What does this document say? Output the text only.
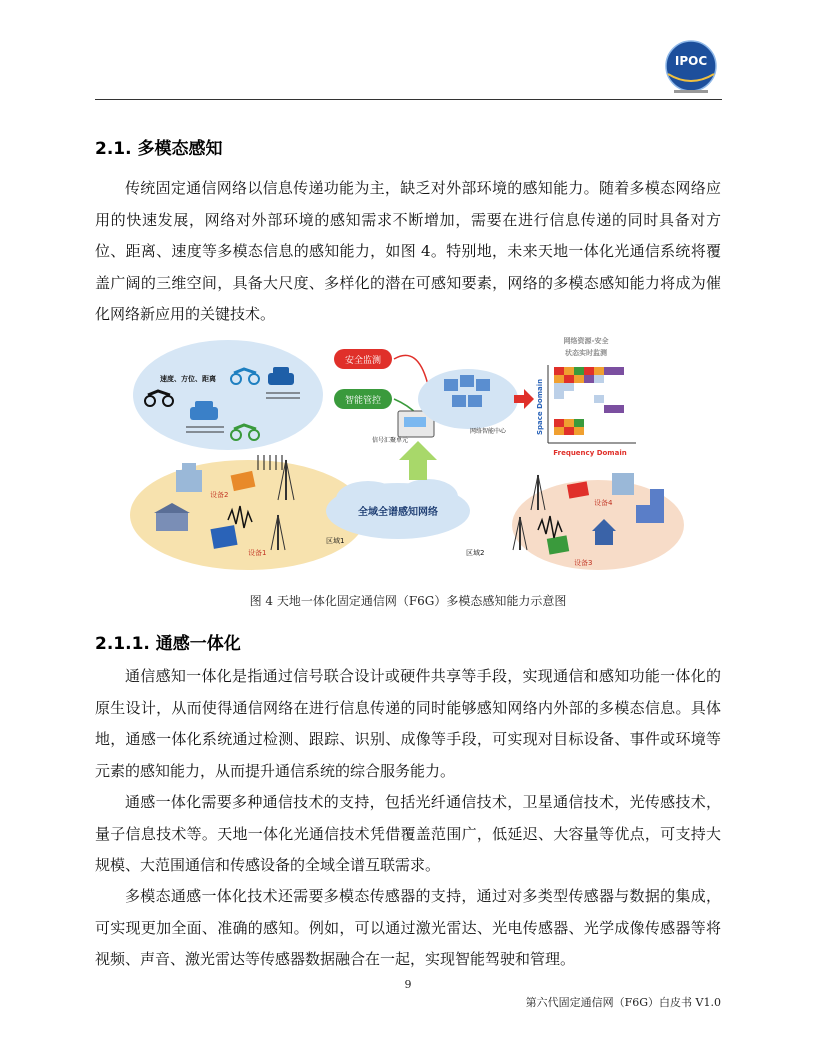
IPOC
2.1. 多模态感知

传统固定通信网络以信息传递功能为主，缺乏对外部环境的感知能力。随着多模态网络应用的快速发展，网络对外部环境的感知需求不断增加，需要在进行信息传递的同时具备对方位、距离、速度等多模态信息的感知能力，如图 4。特别地，未来天地一体化光通信系统将覆盖广阔的三维空间，具备大尺度、多样化的潜在可感知要素，网络的多模态感知能力将成为催化网络新应用的关键技术。

速度、方位、距离
设备2
设备1
区域1
全域全谱感知网络
安全监测
智能管控
信号汇聚单元
网络智能中心
网络资源-安全
状态实时监测
Space Domain
Frequency Domain
设备4
设备3
区域2

图 4 天地一体化固定通信网（F6G）多模态感知能力示意图

2.1.1. 通感一体化

通信感知一体化是指通过信号联合设计或硬件共享等手段，实现通信和感知功能一体化的原生设计，从而使得通信网络在进行信息传递的同时能够感知网络内外部的多模态信息。具体地，通感一体化系统通过检测、跟踪、识别、成像等手段，可实现对目标设备、事件或环境等元素的感知能力，从而提升通信系统的综合服务能力。

通感一体化需要多种通信技术的支持，包括光纤通信技术，卫星通信技术，光传感技术，量子信息技术等。天地一体化光通信技术凭借覆盖范围广，低延迟、大容量等优点，可支持大规模、大范围通信和传感设备的全域全谱互联需求。

多模态通感一体化技术还需要多模态传感器的支持，通过对多类型传感器与数据的集成，可实现更加全面、准确的感知。例如，可以通过激光雷达、光电传感器、光学成像传感器等将视频、声音、激光雷达等传感器数据融合在一起，实现智能驾驶和管理。

9
第六代固定通信网（F6G）白皮书 V1.0
